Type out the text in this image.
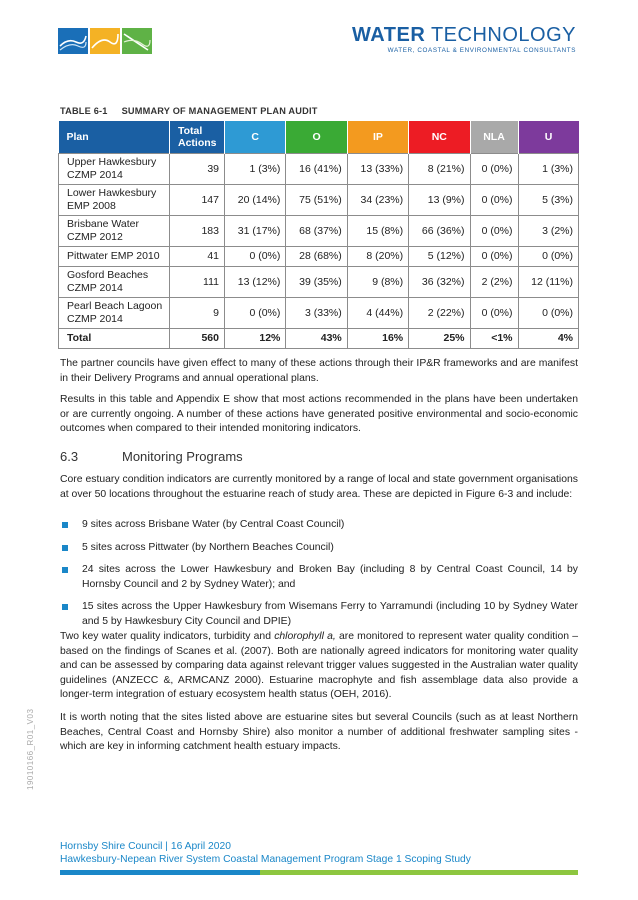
WATER TECHNOLOGY
WATER, COASTAL & ENVIRONMENTAL CONSULTANTS
TABLE 6-1 SUMMARY OF MANAGEMENT PLAN AUDIT
Plan	Total Actions	C	O	IP	NC	NLA	U
Upper Hawkesbury CZMP 2014	39	1 (3%)	16 (41%)	13 (33%)	8 (21%)	0 (0%)	1 (3%)
Lower Hawkesbury EMP 2008	147	20 (14%)	75 (51%)	34 (23%)	13 (9%)	0 (0%)	5 (3%)
Brisbane Water CZMP 2012	183	31 (17%)	68 (37%)	15 (8%)	66 (36%)	0 (0%)	3 (2%)
Pittwater EMP 2010	41	0 (0%)	28 (68%)	8 (20%)	5 (12%)	0 (0%)	0 (0%)
Gosford Beaches CZMP 2014	111	13 (12%)	39 (35%)	9 (8%)	36 (32%)	2 (2%)	12 (11%)
Pearl Beach Lagoon CZMP 2014	9	0 (0%)	3 (33%)	4 (44%)	2 (22%)	0 (0%)	0 (0%)
Total	560	12%	43%	16%	25%	<1%	4%

The partner councils have given effect to many of these actions through their IP&R frameworks and are manifest in their Delivery Programs and annual operational plans.

Results in this table and Appendix E show that most actions recommended in the plans have been undertaken or are currently ongoing. A number of these actions have generated positive environmental and socio-economic outcomes when compared to their intended monitoring indicators.

6.3	Monitoring Programs

Core estuary condition indicators are currently monitored by a range of local and state government organisations at over 50 locations throughout the estuarine reach of study area. These are depicted in Figure 6-3 and include:

9 sites across Brisbane Water (by Central Coast Council)
5 sites across Pittwater (by Northern Beaches Council)
24 sites across the Lower Hawkesbury and Broken Bay (including 8 by Central Coast Council, 14 by Hornsby Council and 2 by Sydney Water); and
15 sites across the Upper Hawkesbury from Wisemans Ferry to Yarramundi (including 10 by Sydney Water and 5 by Hawkesbury City Council and DPIE)

Two key water quality indicators, turbidity and chlorophyll a, are monitored to represent water quality condition – based on the findings of Scanes et al. (2007). Both are nationally agreed indicators for monitoring water quality and can be assessed by comparing data against relevant trigger values suggested in the Australian water quality guidelines (ANZECC &, ARMCANZ 2000). Estuarine macrophyte and fish assemblage data also provide a longer-term integration of estuary ecosystem health status (OEH, 2016).

It is worth noting that the sites listed above are estuarine sites but several Councils (such as at least Northern Beaches, Central Coast and Hornsby Shire) also monitor a number of additional freshwater sampling sites - which are key in informing catchment health estuary impacts.

19010166_R01_V03
Hornsby Shire Council | 16 April 2020
Hawkesbury-Nepean River System Coastal Management Program Stage 1 Scoping Study
